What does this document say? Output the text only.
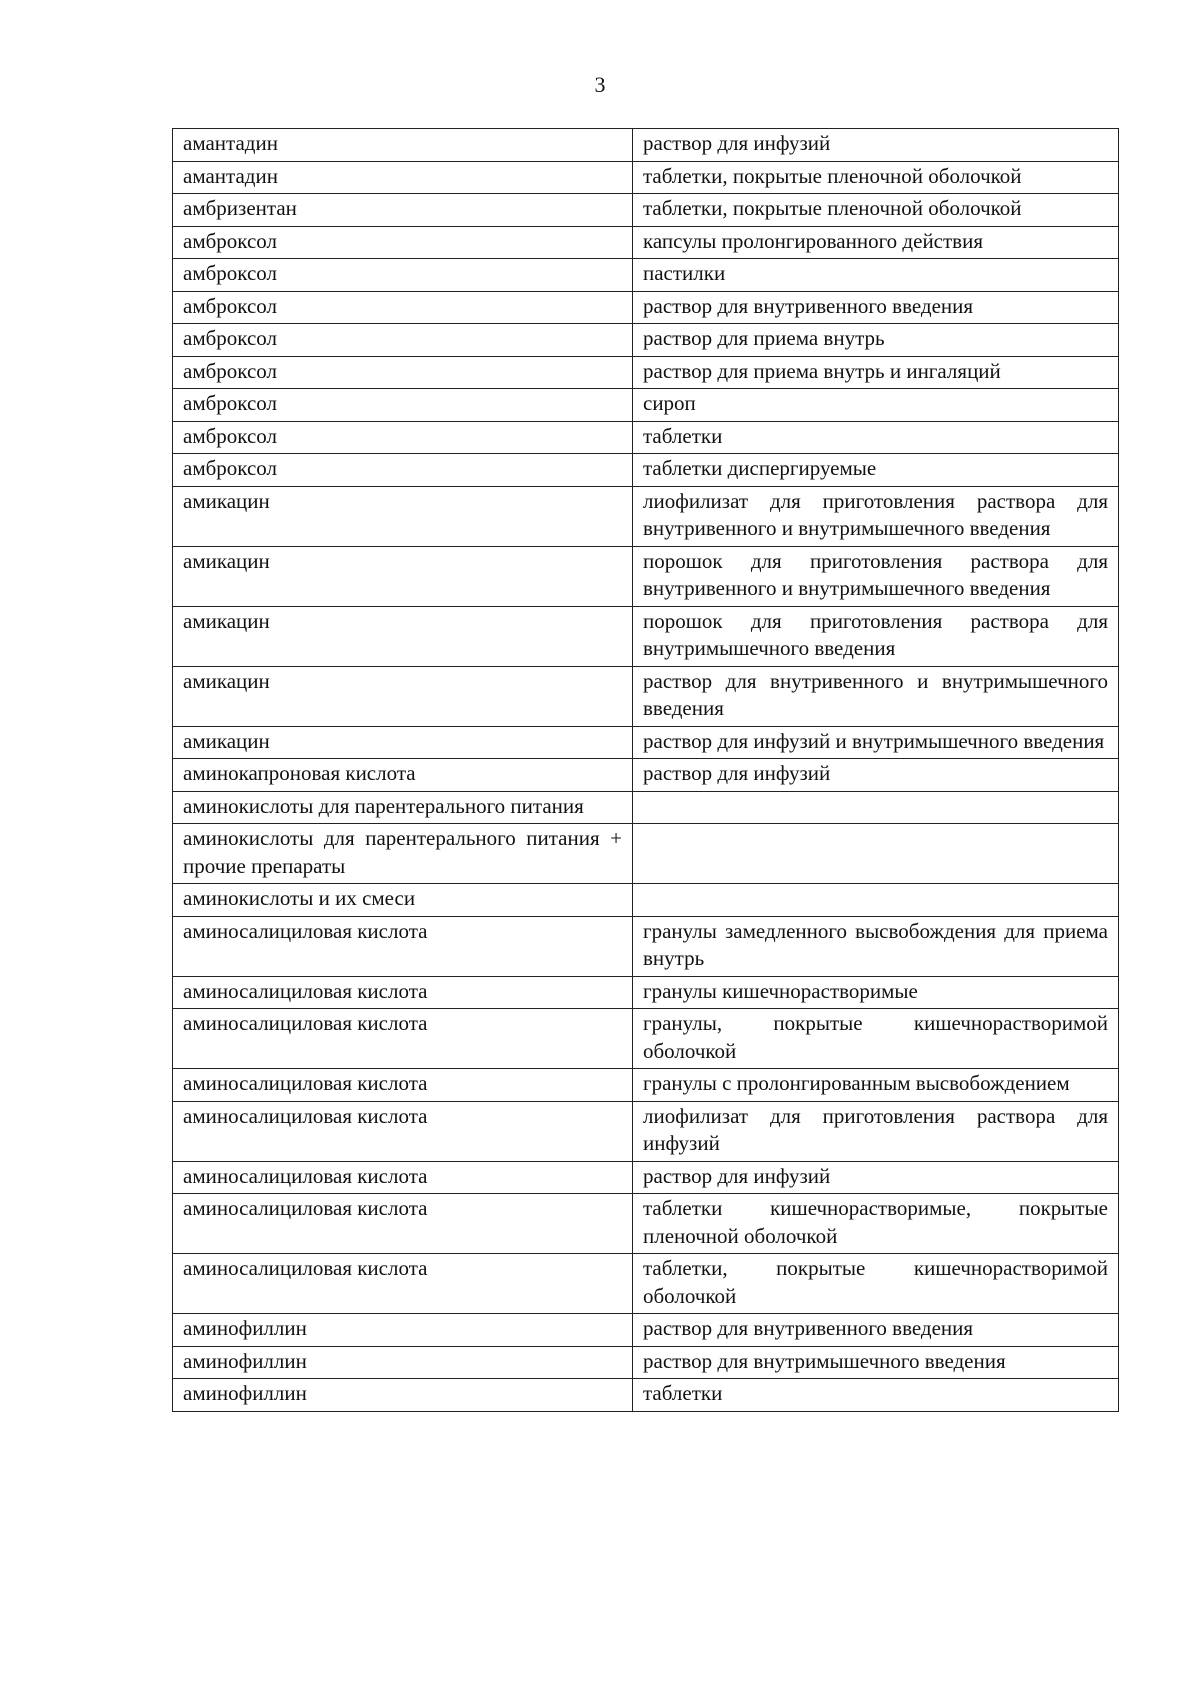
3
амантадин	раствор для инфузий
амантадин	таблетки, покрытые пленочной оболочкой
амбризентан	таблетки, покрытые пленочной оболочкой
амброксол	капсулы пролонгированного действия
амброксол	пастилки
амброксол	раствор для внутривенного введения
амброксол	раствор для приема внутрь
амброксол	раствор для приема внутрь и ингаляций
амброксол	сироп
амброксол	таблетки
амброксол	таблетки диспергируемые
амикацин	лиофилизат для приготовления раствора для внутривенного и внутримышечного введения
амикацин	порошок для приготовления раствора для внутривенного и внутримышечного введения
амикацин	порошок для приготовления раствора для внутримышечного введения
амикацин	раствор для внутривенного и внутримышечного введения
амикацин	раствор для инфузий и внутримышечного введения
аминокапроновая кислота	раствор для инфузий
аминокислоты для парентерального питания	
аминокислоты для парентерального питания + прочие препараты	
аминокислоты и их смеси	
аминосалициловая кислота	гранулы замедленного высвобождения для приема внутрь
аминосалициловая кислота	гранулы кишечнорастворимые
аминосалициловая кислота	гранулы, покрытые кишечнорастворимой оболочкой
аминосалициловая кислота	гранулы с пролонгированным высвобождением
аминосалициловая кислота	лиофилизат для приготовления раствора для инфузий
аминосалициловая кислота	раствор для инфузий
аминосалициловая кислота	таблетки кишечнорастворимые, покрытые пленочной оболочкой
аминосалициловая кислота	таблетки, покрытые кишечнорастворимой оболочкой
аминофиллин	раствор для внутривенного введения
аминофиллин	раствор для внутримышечного введения
аминофиллин	таблетки
